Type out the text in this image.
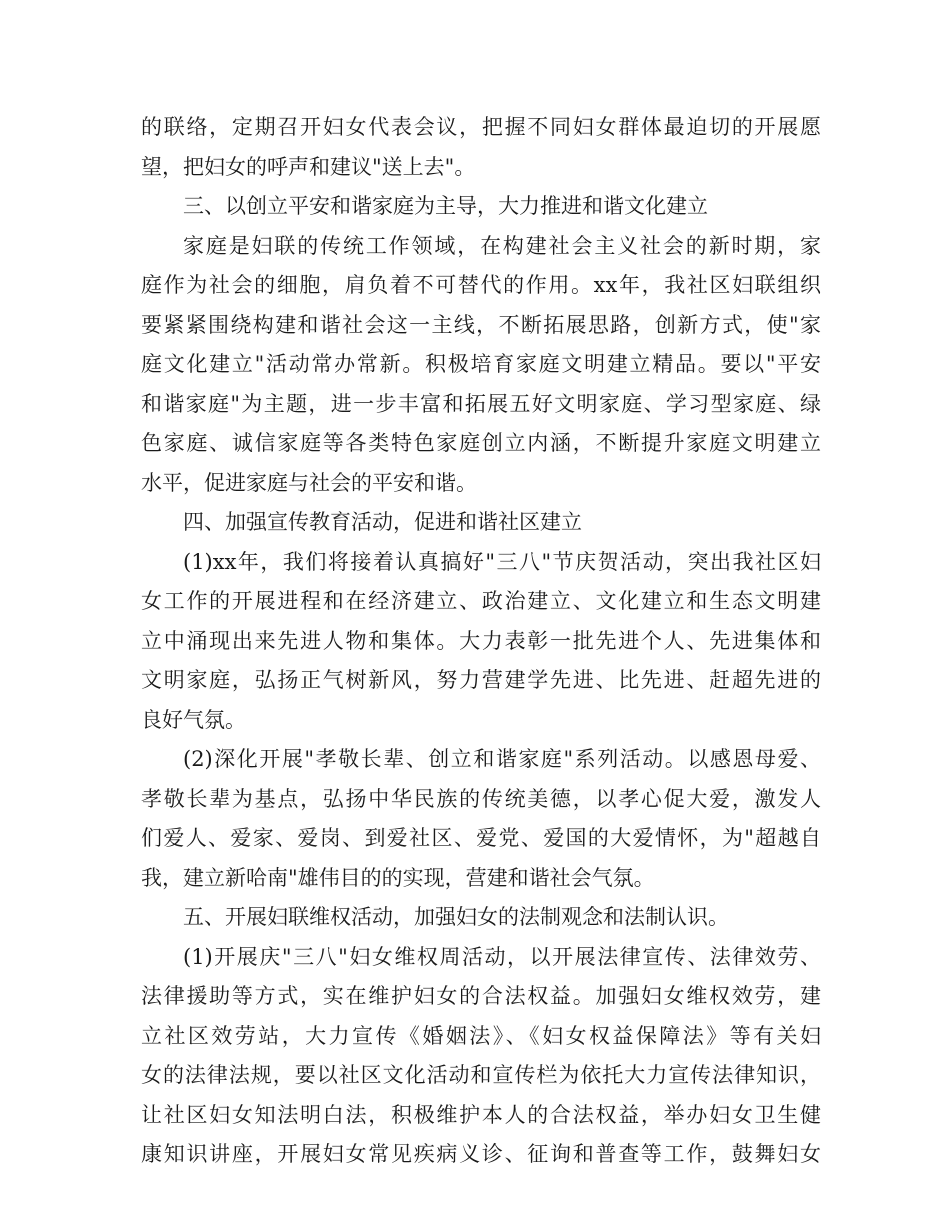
的联络，定期召开妇女代表会议，把握不同妇女群体最迫切的开展愿
望，把妇女的呼声和建议"送上去"。
三、以创立平安和谐家庭为主导，大力推进和谐文化建立
家庭是妇联的传统工作领域，在构建社会主义社会的新时期，家
庭作为社会的细胞，肩负着不可替代的作用。xx年，我社区妇联组织
要紧紧围绕构建和谐社会这一主线，不断拓展思路，创新方式，使"家
庭文化建立"活动常办常新。积极培育家庭文明建立精品。要以"平安
和谐家庭"为主题，进一步丰富和拓展五好文明家庭、学习型家庭、绿
色家庭、诚信家庭等各类特色家庭创立内涵，不断提升家庭文明建立
水平，促进家庭与社会的平安和谐。
四、加强宣传教育活动，促进和谐社区建立
(1)xx年，我们将接着认真搞好"三八"节庆贺活动，突出我社区妇
女工作的开展进程和在经济建立、政治建立、文化建立和生态文明建
立中涌现出来先进人物和集体。大力表彰一批先进个人、先进集体和
文明家庭，弘扬正气树新风，努力营建学先进、比先进、赶超先进的
良好气氛。
(2)深化开展"孝敬长辈、创立和谐家庭"系列活动。以感恩母爱、
孝敬长辈为基点，弘扬中华民族的传统美德，以孝心促大爱，激发人
们爱人、爱家、爱岗、到爱社区、爱党、爱国的大爱情怀，为"超越自
我，建立新哈南"雄伟目的的实现，营建和谐社会气氛。
五、开展妇联维权活动，加强妇女的法制观念和法制认识。
(1)开展庆"三八"妇女维权周活动，以开展法律宣传、法律效劳、
法律援助等方式，实在维护妇女的合法权益。加强妇女维权效劳，建
立社区效劳站，大力宣传《婚姻法》、《妇女权益保障法》等有关妇
女的法律法规，要以社区文化活动和宣传栏为依托大力宣传法律知识，
让社区妇女知法明白法，积极维护本人的合法权益，举办妇女卫生健
康知识讲座，开展妇女常见疾病义诊、征询和普查等工作，鼓舞妇女
